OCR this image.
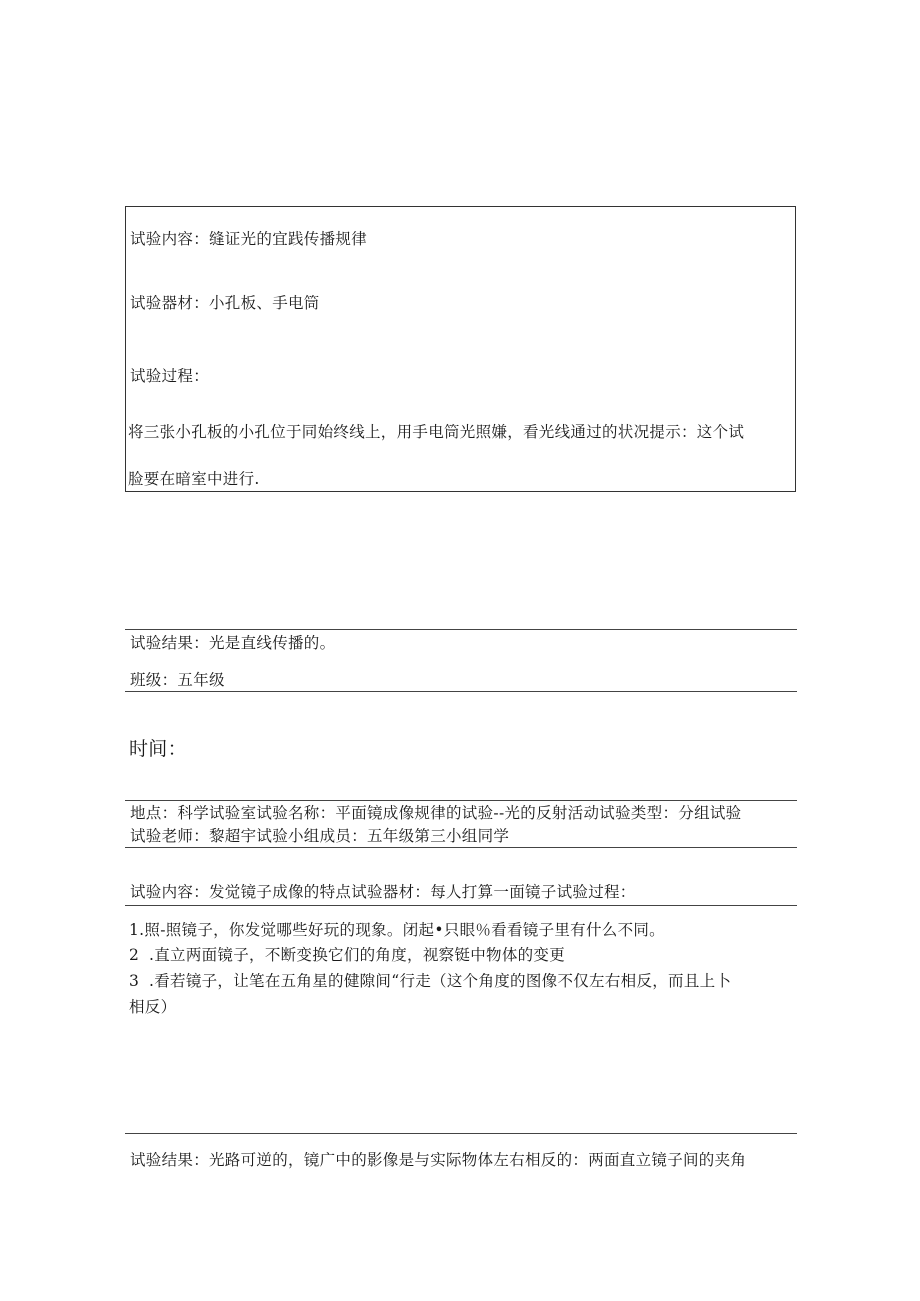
试验内容：缝证光的宜践传播规律
试验器材：小孔板、手电筒
试验过程：
将三张小孔板的小孔位于同始终线上，用手电筒光照嫌，看光线通过的状况提示：这个试
脸要在暗室中进行.
试验结果：光是直线传播的。
班级：五年级
时间：
地点：科学试验室试验名称：平面镜成像规律的试验--光的反射活动试验类型：分组试验
试验老师：黎超宇试验小组成员：五年级第三小组同学
试验内容：发觉镜子成像的特点试验器材：每人打算一面镜子试验过程：
1.照-照镜子，你发觉哪些好玩的现象。闭起•只眼％看看镜子里有什么不同。
2 .直立两面镜子，不断变换它们的角度，视察铤中物体的变更
3 .看若镜子，让笔在五角星的健隙间“行走（这个角度的图像不仅左右相反，而且上卜
相反）
试验结果：光路可逆的，镜广中的影像是与实际物体左右相反的：两面直立镜子间的夹角
